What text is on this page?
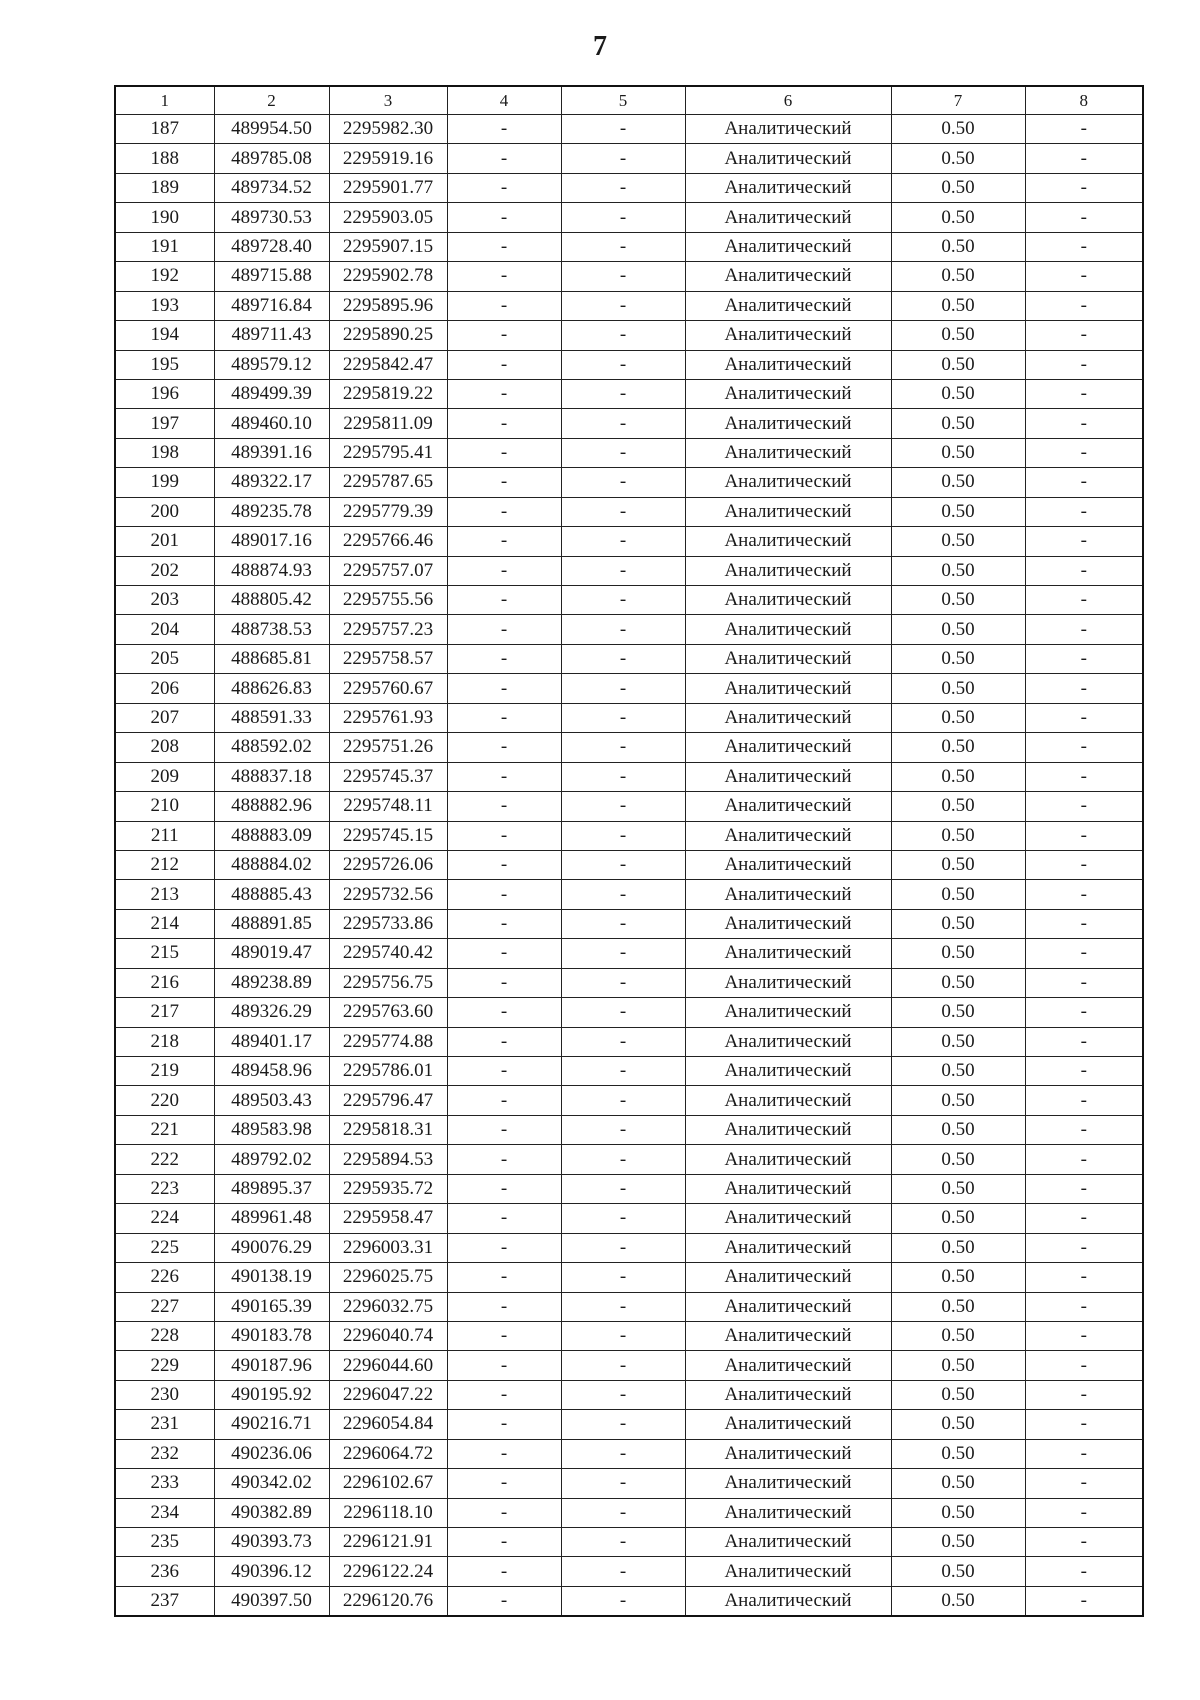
7
1	2	3	4	5	6	7	8
187	489954.50	2295982.30	-	-	Аналитический	0.50	-
188	489785.08	2295919.16	-	-	Аналитический	0.50	-
189	489734.52	2295901.77	-	-	Аналитический	0.50	-
190	489730.53	2295903.05	-	-	Аналитический	0.50	-
191	489728.40	2295907.15	-	-	Аналитический	0.50	-
192	489715.88	2295902.78	-	-	Аналитический	0.50	-
193	489716.84	2295895.96	-	-	Аналитический	0.50	-
194	489711.43	2295890.25	-	-	Аналитический	0.50	-
195	489579.12	2295842.47	-	-	Аналитический	0.50	-
196	489499.39	2295819.22	-	-	Аналитический	0.50	-
197	489460.10	2295811.09	-	-	Аналитический	0.50	-
198	489391.16	2295795.41	-	-	Аналитический	0.50	-
199	489322.17	2295787.65	-	-	Аналитический	0.50	-
200	489235.78	2295779.39	-	-	Аналитический	0.50	-
201	489017.16	2295766.46	-	-	Аналитический	0.50	-
202	488874.93	2295757.07	-	-	Аналитический	0.50	-
203	488805.42	2295755.56	-	-	Аналитический	0.50	-
204	488738.53	2295757.23	-	-	Аналитический	0.50	-
205	488685.81	2295758.57	-	-	Аналитический	0.50	-
206	488626.83	2295760.67	-	-	Аналитический	0.50	-
207	488591.33	2295761.93	-	-	Аналитический	0.50	-
208	488592.02	2295751.26	-	-	Аналитический	0.50	-
209	488837.18	2295745.37	-	-	Аналитический	0.50	-
210	488882.96	2295748.11	-	-	Аналитический	0.50	-
211	488883.09	2295745.15	-	-	Аналитический	0.50	-
212	488884.02	2295726.06	-	-	Аналитический	0.50	-
213	488885.43	2295732.56	-	-	Аналитический	0.50	-
214	488891.85	2295733.86	-	-	Аналитический	0.50	-
215	489019.47	2295740.42	-	-	Аналитический	0.50	-
216	489238.89	2295756.75	-	-	Аналитический	0.50	-
217	489326.29	2295763.60	-	-	Аналитический	0.50	-
218	489401.17	2295774.88	-	-	Аналитический	0.50	-
219	489458.96	2295786.01	-	-	Аналитический	0.50	-
220	489503.43	2295796.47	-	-	Аналитический	0.50	-
221	489583.98	2295818.31	-	-	Аналитический	0.50	-
222	489792.02	2295894.53	-	-	Аналитический	0.50	-
223	489895.37	2295935.72	-	-	Аналитический	0.50	-
224	489961.48	2295958.47	-	-	Аналитический	0.50	-
225	490076.29	2296003.31	-	-	Аналитический	0.50	-
226	490138.19	2296025.75	-	-	Аналитический	0.50	-
227	490165.39	2296032.75	-	-	Аналитический	0.50	-
228	490183.78	2296040.74	-	-	Аналитический	0.50	-
229	490187.96	2296044.60	-	-	Аналитический	0.50	-
230	490195.92	2296047.22	-	-	Аналитический	0.50	-
231	490216.71	2296054.84	-	-	Аналитический	0.50	-
232	490236.06	2296064.72	-	-	Аналитический	0.50	-
233	490342.02	2296102.67	-	-	Аналитический	0.50	-
234	490382.89	2296118.10	-	-	Аналитический	0.50	-
235	490393.73	2296121.91	-	-	Аналитический	0.50	-
236	490396.12	2296122.24	-	-	Аналитический	0.50	-
237	490397.50	2296120.76	-	-	Аналитический	0.50	-
